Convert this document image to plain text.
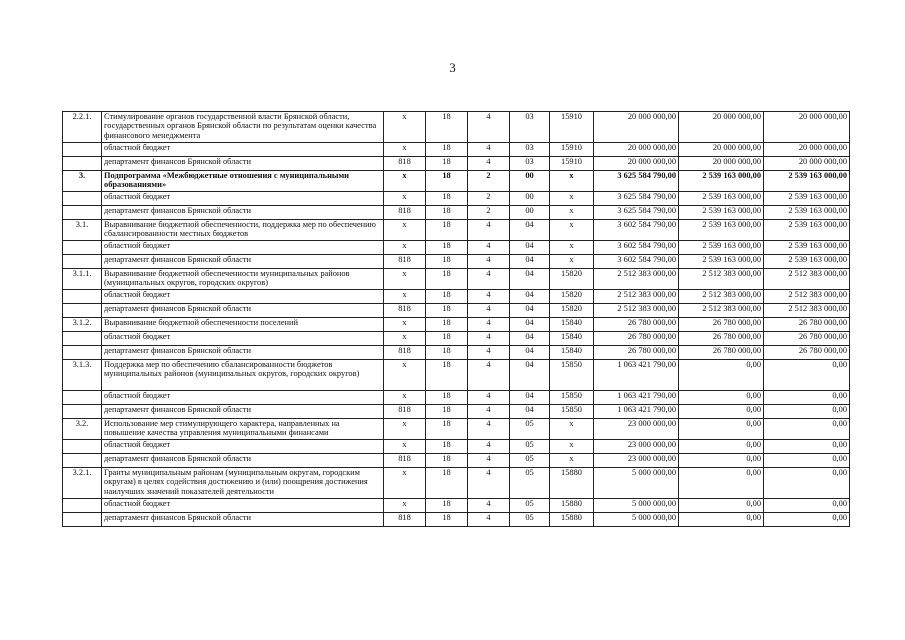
3
2.2.1.	Стимулирование органов государственной власти Брянской области, государственных органов Брянской области по результатам оценки качества финансового менеджмента	x	18	4	03	15910	20 000 000,00	20 000 000,00	20 000 000,00
	областной бюджет	x	18	4	03	15910	20 000 000,00	20 000 000,00	20 000 000,00
	департамент финансов Брянской области	818	18	4	03	15910	20 000 000,00	20 000 000,00	20 000 000,00
3.	Подпрограмма «Межбюджетные отношения с муниципальными образованиями»	x	18	2	00	x	3 625 584 790,00	2 539 163 000,00	2 539 163 000,00
	областной бюджет	x	18	2	00	x	3 625 584 790,00	2 539 163 000,00	2 539 163 000,00
	департамент финансов Брянской области	818	18	2	00	x	3 625 584 790,00	2 539 163 000,00	2 539 163 000,00
3.1.	Выравнивание бюджетной обеспеченности, поддержка мер по обеспечению сбалансированности местных бюджетов	x	18	4	04	x	3 602 584 790,00	2 539 163 000,00	2 539 163 000,00
	областной бюджет	x	18	4	04	x	3 602 584 790,00	2 539 163 000,00	2 539 163 000,00
	департамент финансов Брянской области	818	18	4	04	x	3 602 584 790,00	2 539 163 000,00	2 539 163 000,00
3.1.1.	Выравнивание бюджетной обеспеченности муниципальных районов (муниципальных округов, городских округов)	x	18	4	04	15820	2 512 383 000,00	2 512 383 000,00	2 512 383 000,00
	областной бюджет	x	18	4	04	15820	2 512 383 000,00	2 512 383 000,00	2 512 383 000,00
	департамент финансов Брянской области	818	18	4	04	15820	2 512 383 000,00	2 512 383 000,00	2 512 383 000,00
3.1.2.	Выравнивание бюджетной обеспеченности поселений	x	18	4	04	15840	26 780 000,00	26 780 000,00	26 780 000,00
	областной бюджет	x	18	4	04	15840	26 780 000,00	26 780 000,00	26 780 000,00
	департамент финансов Брянской области	818	18	4	04	15840	26 780 000,00	26 780 000,00	26 780 000,00
3.1.3.	Поддержка мер по обеспечению сбалансированности бюджетов муниципальных районов (муниципальных округов, городских округов)	x	18	4	04	15850	1 063 421 790,00	0,00	0,00
	областной бюджет	x	18	4	04	15850	1 063 421 790,00	0,00	0,00
	департамент финансов Брянской области	818	18	4	04	15850	1 063 421 790,00	0,00	0,00
3.2.	Использование мер стимулирующего характера, направленных на повышение качества управления муниципальными финансами	x	18	4	05	x	23 000 000,00	0,00	0,00
	областной бюджет	x	18	4	05	x	23 000 000,00	0,00	0,00
	департамент финансов Брянской области	818	18	4	05	x	23 000 000,00	0,00	0,00
3.2.1.	Гранты муниципальным районам (муниципальным округам, городским округам) в целях содействия достижению и (или) поощрения достижения наилучших значений показателей деятельности	x	18	4	05	15880	5 000 000,00	0,00	0,00
	областной бюджет	x	18	4	05	15880	5 000 000,00	0,00	0,00
	департамент финансов Брянской области	818	18	4	05	15880	5 000 000,00	0,00	0,00
